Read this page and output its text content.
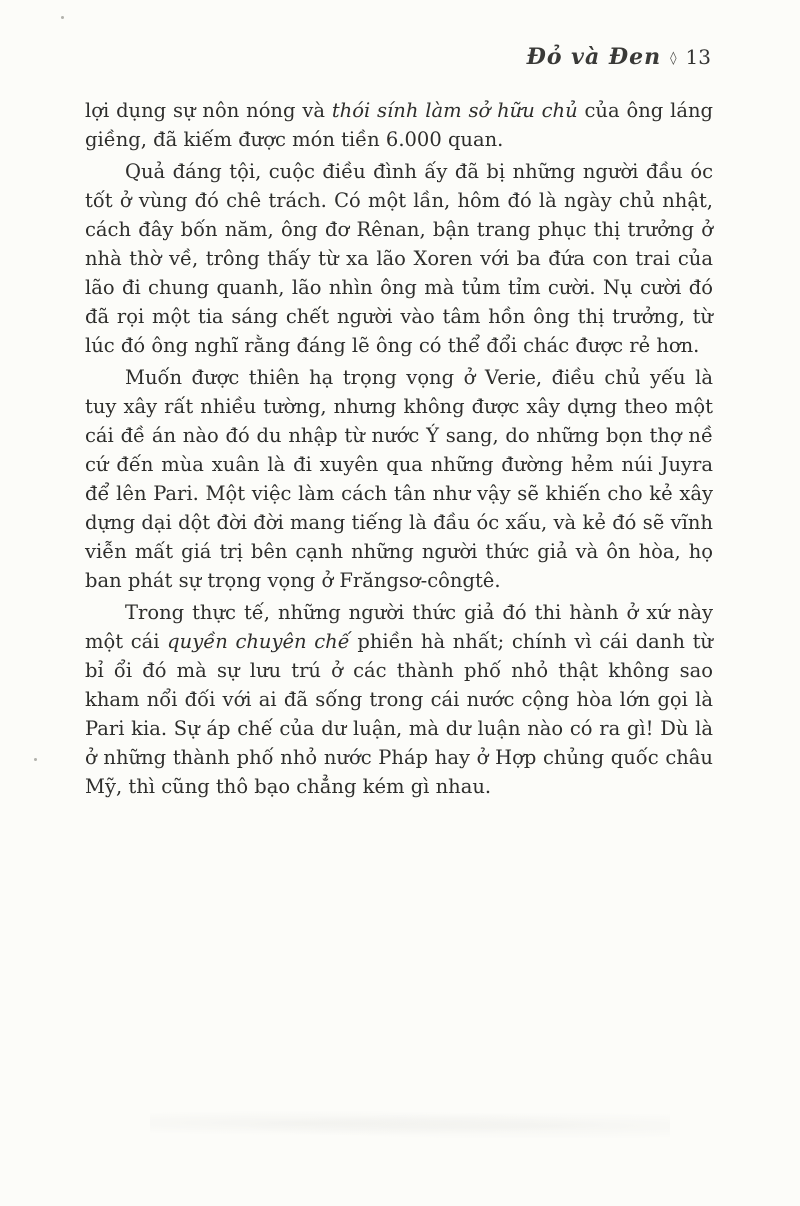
Đỏ và Đen ◊ 13

lợi dụng sự nôn nóng và thói sính làm sở hữu chủ của ông láng giềng, đã kiếm được món tiền 6.000 quan.

Quả đáng tội, cuộc điều đình ấy đã bị những người đầu óc tốt ở vùng đó chê trách. Có một lần, hôm đó là ngày chủ nhật, cách đây bốn năm, ông đơ Rênan, bận trang phục thị trưởng ở nhà thờ về, trông thấy từ xa lão Xoren với ba đứa con trai của lão đi chung quanh, lão nhìn ông mà tủm tỉm cười. Nụ cười đó đã rọi một tia sáng chết người vào tâm hồn ông thị trưởng, từ lúc đó ông nghĩ rằng đáng lẽ ông có thể đổi chác được rẻ hơn.

Muốn được thiên hạ trọng vọng ở Verie, điều chủ yếu là tuy xây rất nhiều tường, nhưng không được xây dựng theo một cái đề án nào đó du nhập từ nước Ý sang, do những bọn thợ nề cứ đến mùa xuân là đi xuyên qua những đường hẻm núi Juyra để lên Pari. Một việc làm cách tân như vậy sẽ khiến cho kẻ xây dựng dại dột đời đời mang tiếng là đầu óc xấu, và kẻ đó sẽ vĩnh viễn mất giá trị bên cạnh những người thức giả và ôn hòa, họ ban phát sự trọng vọng ở Frăngsơ-côngtê.

Trong thực tế, những người thức giả đó thi hành ở xứ này một cái quyền chuyên chế phiền hà nhất; chính vì cái danh từ bỉ ổi đó mà sự lưu trú ở các thành phố nhỏ thật không sao kham nổi đối với ai đã sống trong cái nước cộng hòa lớn gọi là Pari kia. Sự áp chế của dư luận, mà dư luận nào có ra gì! Dù là ở những thành phố nhỏ nước Pháp hay ở Hợp chủng quốc châu Mỹ, thì cũng thô bạo chẳng kém gì nhau.
